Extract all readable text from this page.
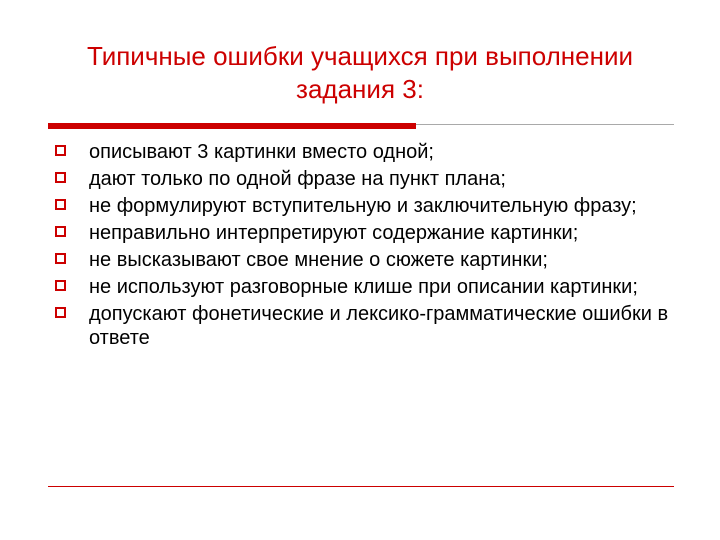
Типичные ошибки учащихся при выполнении задания 3:
описывают 3 картинки вместо одной;
дают только по одной фразе на пункт плана;
не формулируют вступительную и заключительную фразу;
неправильно интерпретируют содержание картинки;
не высказывают свое мнение о сюжете картинки;
не используют разговорные клише при описании картинки;
допускают фонетические и лексико-грамматические ошибки в ответе
